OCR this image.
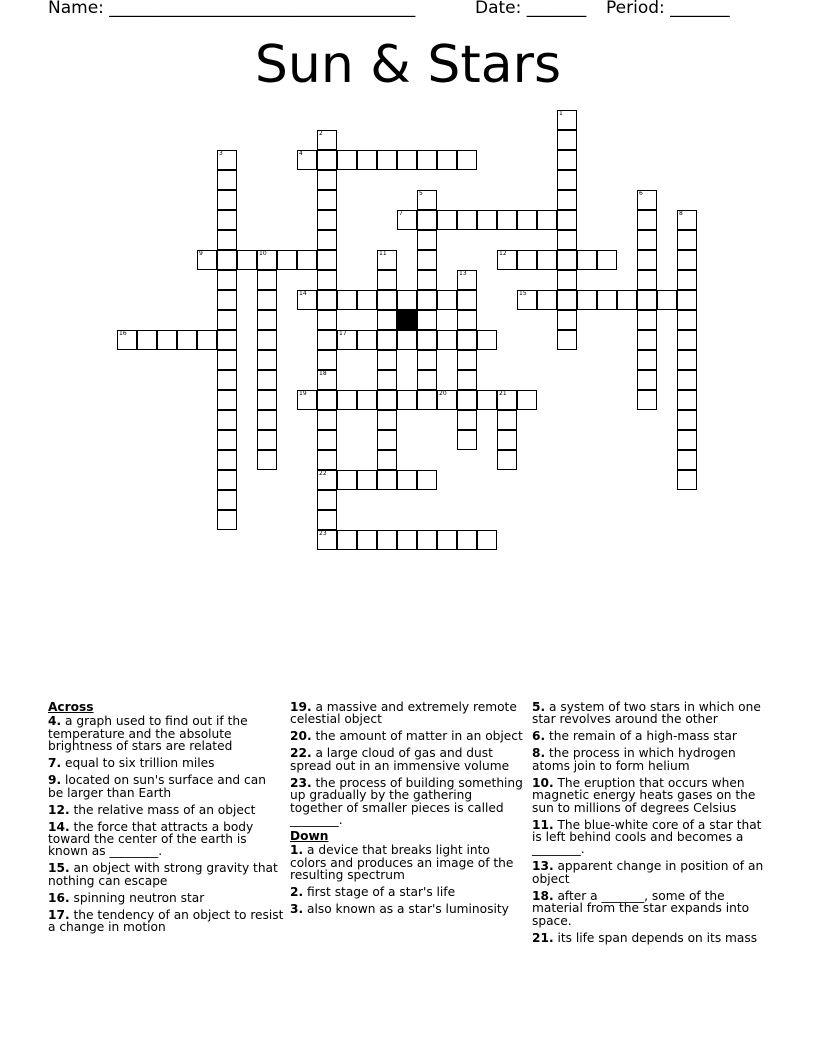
Name: ____________________________________	Date: _______ Period: _______
Sun & Stars
1
2
18
22
23
3	4
5	6
7	8
9	10	11	12
13
14	15
16	17
19	20	21
Across
4. a graph used to find out if the temperature and the absolute brightness of stars are related
7. equal to six trillion miles
9. located on sun's surface and can be larger than Earth
12. the relative mass of an object
14. the force that attracts a body toward the center of the earth is known as ________.
15. an object with strong gravity that nothing can escape
16. spinning neutron star
17. the tendency of an object to resist a change in motion
19. a massive and extremely remote celestial object
20. the amount of matter in an object
22. a large cloud of gas and dust spread out in an immensive volume
23. the process of building something up gradually by the gathering together of smaller pieces is called ________.
Down
1. a device that breaks light into colors and produces an image of the resulting spectrum
2. first stage of a star's life
3. also known as a star's luminosity
5. a system of two stars in which one star revolves around the other
6. the remain of a high-mass star
8. the process in which hydrogen atoms join to form helium
10. The eruption that occurs when magnetic energy heats gases on the sun to millions of degrees Celsius
11. The blue-white core of a star that is left behind cools and becomes a ________.
13. apparent change in position of an object
18. after a _______, some of the material from the star expands into space.
21. its life span depends on its mass
